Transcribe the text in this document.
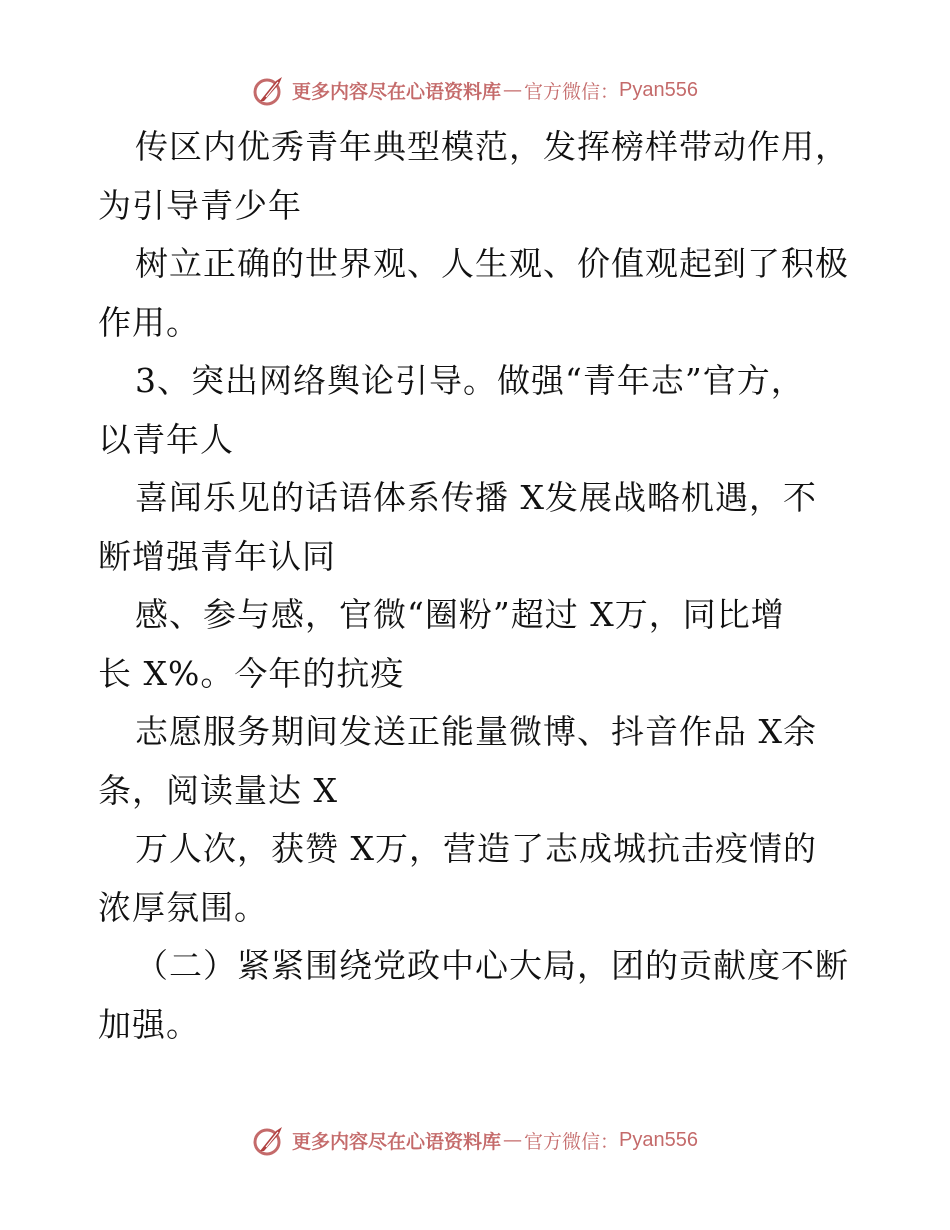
更多内容尽在心语资料库 — 官方微信： Pyan556
传区内优秀青年典型模范，发挥榜样带动作用，
为引导青少年
树立正确的世界观、人生观、价值观起到了积极
作用。
3、突出网络舆论引导。做强“青年志”官方，
以青年人
喜闻乐见的话语体系传播 X发展战略机遇，不
断增强青年认同
感、参与感，官微“圈粉”超过 X万，同比增
长 X%。今年的抗疫
志愿服务期间发送正能量微博、抖音作品 X余
条，阅读量达 X
万人次，获赞 X万，营造了志成城抗击疫情的
浓厚氛围。
（二）紧紧围绕党政中心大局，团的贡献度不断
加强。
更多内容尽在心语资料库 — 官方微信： Pyan556
